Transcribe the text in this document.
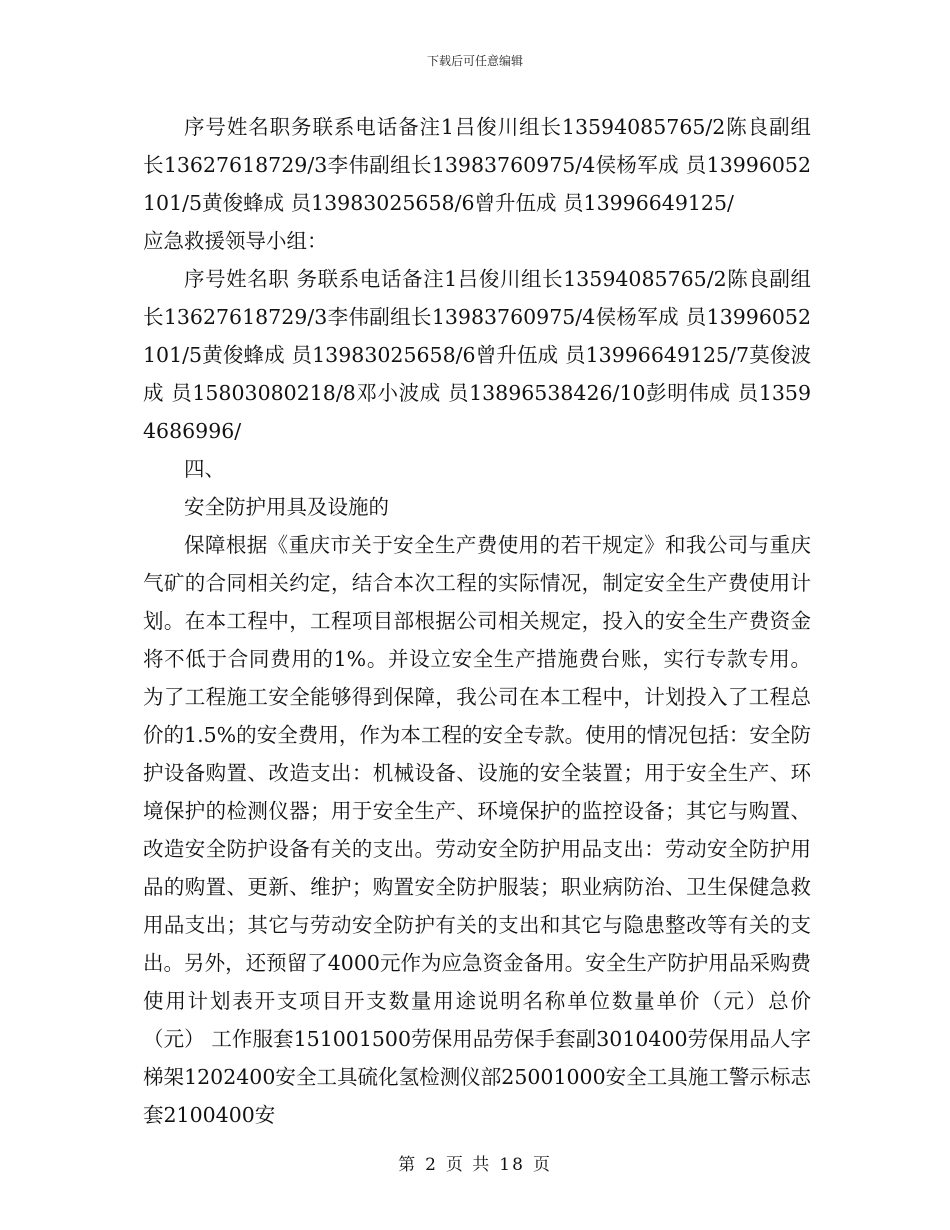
下载后可任意编辑

序号姓名职务联系电话备注1吕俊川组长13594085765/2陈良副组长13627618729/3李伟副组长13983760975/4侯杨军成 员13996052101/5黄俊蜂成 员13983025658/6曾升伍成 员13996649125/

应急救援领导小组：

序号姓名职 务联系电话备注1吕俊川组长13594085765/2陈良副组长13627618729/3李伟副组长13983760975/4侯杨军成 员13996052101/5黄俊蜂成 员13983025658/6曾升伍成 员13996649125/7莫俊波成 员15803080218/8邓小波成 员13896538426/10彭明伟成 员13594686996/

四、

安全防护用具及设施的

保障根据《重庆市关于安全生产费使用的若干规定》和我公司与重庆气矿的合同相关约定，结合本次工程的实际情况，制定安全生产费使用计划。在本工程中，工程项目部根据公司相关规定，投入的安全生产费资金将不低于合同费用的1%。并设立安全生产措施费台账，实行专款专用。为了工程施工安全能够得到保障，我公司在本工程中，计划投入了工程总价的1.5%的安全费用，作为本工程的安全专款。使用的情况包括：安全防护设备购置、改造支出：机械设备、设施的安全装置；用于安全生产、环境保护的检测仪器；用于安全生产、环境保护的监控设备；其它与购置、改造安全防护设备有关的支出。劳动安全防护用品支出：劳动安全防护用品的购置、更新、维护；购置安全防护服装；职业病防治、卫生保健急救用品支出；其它与劳动安全防护有关的支出和其它与隐患整改等有关的支出。另外，还预留了4000元作为应急资金备用。安全生产防护用品采购费使用计划表开支项目开支数量用途说明名称单位数量单价（元）总价（元） 工作服套151001500劳保用品劳保手套副3010400劳保用品人字梯架1202400安全工具硫化氢检测仪部25001000安全工具施工警示标志套2100400安

第 2 页 共 18 页
